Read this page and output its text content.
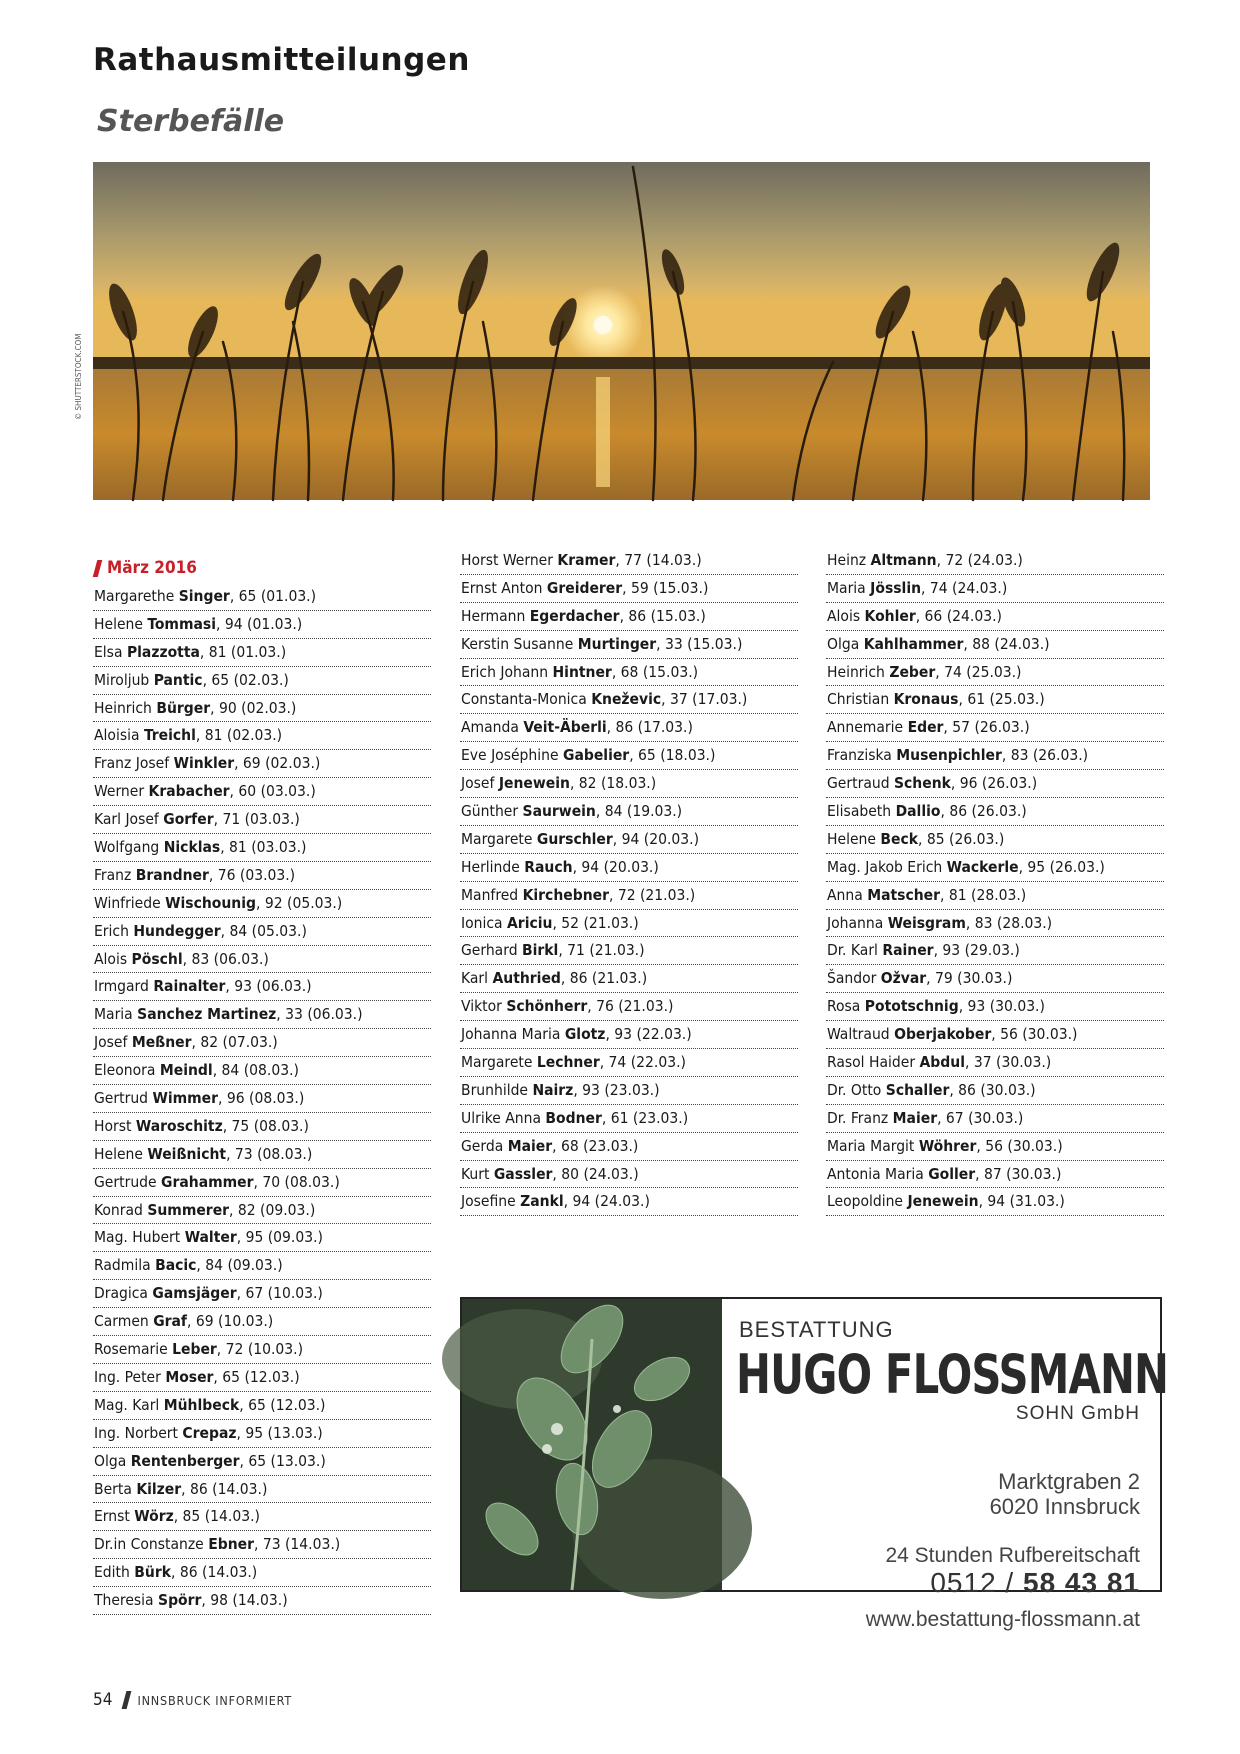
Rathausmitteilungen
Sterbefälle
© SHUTTERSTOCK.COM
März 2016
Margarethe Singer, 65 (01.03.)
Helene Tommasi, 94 (01.03.)
Elsa Plazzotta, 81 (01.03.)
Miroljub Pantic, 65 (02.03.)
Heinrich Bürger, 90 (02.03.)
Aloisia Treichl, 81 (02.03.)
Franz Josef Winkler, 69 (02.03.)
Werner Krabacher, 60 (03.03.)
Karl Josef Gorfer, 71 (03.03.)
Wolfgang Nicklas, 81 (03.03.)
Franz Brandner, 76 (03.03.)
Winfriede Wischounig, 92 (05.03.)
Erich Hundegger, 84 (05.03.)
Alois Pöschl, 83 (06.03.)
Irmgard Rainalter, 93 (06.03.)
Maria Sanchez Martinez, 33 (06.03.)
Josef Meßner, 82 (07.03.)
Eleonora Meindl, 84 (08.03.)
Gertrud Wimmer, 96 (08.03.)
Horst Waroschitz, 75 (08.03.)
Helene Weißnicht, 73 (08.03.)
Gertrude Grahammer, 70 (08.03.)
Konrad Summerer, 82 (09.03.)
Mag. Hubert Walter, 95 (09.03.)
Radmila Bacic, 84 (09.03.)
Dragica Gamsjäger, 67 (10.03.)
Carmen Graf, 69 (10.03.)
Rosemarie Leber, 72 (10.03.)
Ing. Peter Moser, 65 (12.03.)
Mag. Karl Mühlbeck, 65 (12.03.)
Ing. Norbert Crepaz, 95 (13.03.)
Olga Rentenberger, 65 (13.03.)
Berta Kilzer, 86 (14.03.)
Ernst Wörz, 85 (14.03.)
Dr.in Constanze Ebner, 73 (14.03.)
Edith Bürk, 86 (14.03.)
Theresia Spörr, 98 (14.03.)
Horst Werner Kramer, 77 (14.03.)
Ernst Anton Greiderer, 59 (15.03.)
Hermann Egerdacher, 86 (15.03.)
Kerstin Susanne Murtinger, 33 (15.03.)
Erich Johann Hintner, 68 (15.03.)
Constanta-Monica Kneževic, 37 (17.03.)
Amanda Veit-Äberli, 86 (17.03.)
Eve Joséphine Gabelier, 65 (18.03.)
Josef Jenewein, 82 (18.03.)
Günther Saurwein, 84 (19.03.)
Margarete Gurschler, 94 (20.03.)
Herlinde Rauch, 94 (20.03.)
Manfred Kirchebner, 72 (21.03.)
Ionica Ariciu, 52 (21.03.)
Gerhard Birkl, 71 (21.03.)
Karl Authried, 86 (21.03.)
Viktor Schönherr, 76 (21.03.)
Johanna Maria Glotz, 93 (22.03.)
Margarete Lechner, 74 (22.03.)
Brunhilde Nairz, 93 (23.03.)
Ulrike Anna Bodner, 61 (23.03.)
Gerda Maier, 68 (23.03.)
Kurt Gassler, 80 (24.03.)
Josefine Zankl, 94 (24.03.)
Heinz Altmann, 72 (24.03.)
Maria Jösslin, 74 (24.03.)
Alois Kohler, 66 (24.03.)
Olga Kahlhammer, 88 (24.03.)
Heinrich Zeber, 74 (25.03.)
Christian Kronaus, 61 (25.03.)
Annemarie Eder, 57 (26.03.)
Franziska Musenpichler, 83 (26.03.)
Gertraud Schenk, 96 (26.03.)
Elisabeth Dallio, 86 (26.03.)
Helene Beck, 85 (26.03.)
Mag. Jakob Erich Wackerle, 95 (26.03.)
Anna Matscher, 81 (28.03.)
Johanna Weisgram, 83 (28.03.)
Dr. Karl Rainer, 93 (29.03.)
Šandor Ožvar, 79 (30.03.)
Rosa Pototschnig, 93 (30.03.)
Waltraud Oberjakober, 56 (30.03.)
Rasol Haider Abdul, 37 (30.03.)
Dr. Otto Schaller, 86 (30.03.)
Dr. Franz Maier, 67 (30.03.)
Maria Margit Wöhrer, 56 (30.03.)
Antonia Maria Goller, 87 (30.03.)
Leopoldine Jenewein, 94 (31.03.)
BESTATTUNG
HUGO FLOSSMANN
SOHN GmbH
Marktgraben 2
6020 Innsbruck
24 Stunden Rufbereitschaft
0512 / 58 43 81
www.bestattung-flossmann.at
54 INNSBRUCK INFORMIERT
